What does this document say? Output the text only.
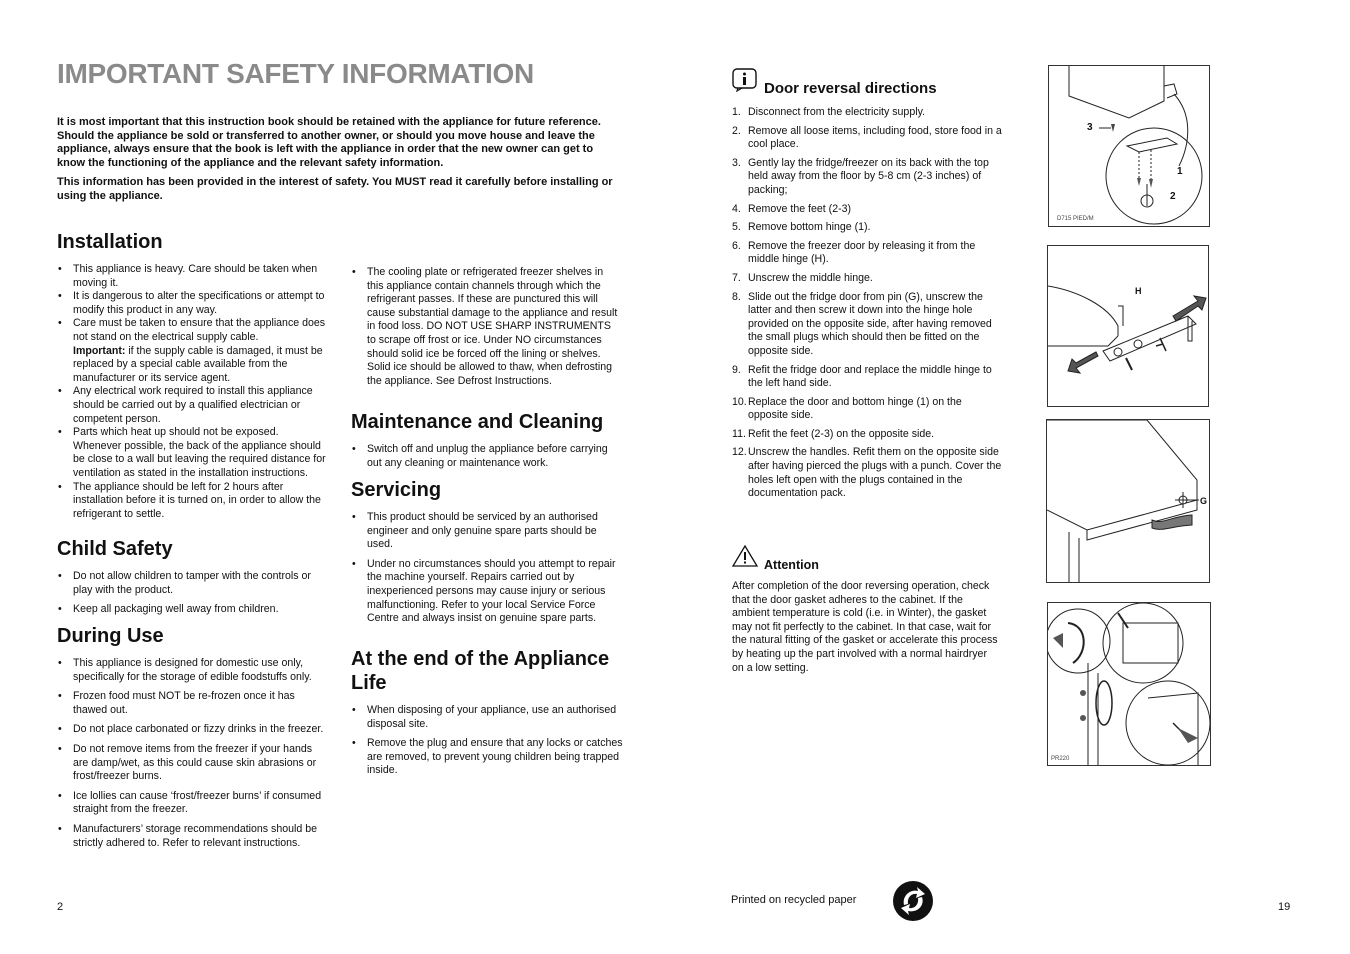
IMPORTANT SAFETY INFORMATION

It is most important that this instruction book should be retained with the appliance for future reference. Should the appliance be sold or transferred to another owner, or should you move house and leave the appliance, always ensure that the book is left with the appliance in order that the new owner can get to know the functioning of the appliance and the relevant safety information.

This information has been provided in the interest of safety. You MUST read it carefully before installing or using the appliance.

Installation
• This appliance is heavy. Care should be taken when moving it.
• It is dangerous to alter the specifications or attempt to modify this product in any way.
• Care must be taken to ensure that the appliance does not stand on the electrical supply cable.
Important: if the supply cable is damaged, it must be replaced by a special cable available from the manufacturer or its service agent.
• Any electrical work required to install this appliance should be carried out by a qualified electrician or competent person.
• Parts which heat up should not be exposed. Whenever possible, the back of the appliance should be close to a wall but leaving the required distance for ventilation as stated in the installation instructions.
• The appliance should be left for 2 hours after installation before it is turned on, in order to allow the refrigerant to settle.
Child Safety
• Do not allow children to tamper with the controls or play with the product.
• Keep all packaging well away from children.
During Use
• This appliance is designed for domestic use only, specifically for the storage of edible foodstuffs only.
• Frozen food must NOT be re-frozen once it has thawed out.
• Do not place carbonated or fizzy drinks in the freezer.
• Do not remove items from the freezer if your hands are damp/wet, as this could cause skin abrasions or frost/freezer burns.
• Ice lollies can cause ‘frost/freezer burns’ if consumed straight from the freezer.
• Manufacturers’ storage recommendations should be strictly adhered to. Refer to relevant instructions.
2
• The cooling plate or refrigerated freezer shelves in this appliance contain channels through which the refrigerant passes. If these are punctured this will cause substantial damage to the appliance and result in food loss. DO NOT USE SHARP INSTRUMENTS to scrape off frost or ice. Under NO circumstances should solid ice be forced off the lining or shelves. Solid ice should be allowed to thaw, when defrosting the appliance. See Defrost Instructions.
Maintenance and Cleaning
• Switch off and unplug the appliance before carrying out any cleaning or maintenance work.
Servicing
• This product should be serviced by an authorised engineer and only genuine spare parts should be used.
• Under no circumstances should you attempt to repair the machine yourself. Repairs carried out by inexperienced persons may cause injury or serious malfunctioning. Refer to your local Service Force Centre and always insist on genuine spare parts.
At the end of the Appliance Life
• When disposing of your appliance, use an authorised disposal site.
• Remove the plug and ensure that any locks or catches are removed, to prevent young children being trapped inside.
Door reversal directions
1. Disconnect from the electricity supply.
2. Remove all loose items, including food, store food in a cool place.
3. Gently lay the fridge/freezer on its back with the top held away from the floor by 5-8 cm (2-3 inches) of packing;
4. Remove the feet (2-3)
5. Remove bottom hinge (1).
6. Remove the freezer door by releasing it from the middle hinge (H).
7. Unscrew the middle hinge.
8. Slide out the fridge door from pin (G), unscrew the latter and then screw it down into the hinge hole provided on the opposite side, after having removed the small plugs which should then be fitted on the opposite side.
9. Refit the fridge door and replace the middle hinge to the left hand side.
10. Replace the door and bottom hinge (1) on the opposite side.
11. Refit the feet (2-3) on the opposite side.
12. Unscrew the handles. Refit them on the opposite side after having pierced the plugs with a punch. Cover the holes left open with the plugs contained in the documentation pack.
Attention
After completion of the door reversing operation, check that the door gasket adheres to the cabinet. If the ambient temperature is cold (i.e. in Winter), the gasket may not fit perfectly to the cabinet. In that case, wait for the natural fitting of the gasket or accelerate this process by heating up the part involved with a normal hairdryer on a low setting.
3
1
2
D715 PIED/M
H
G
PR220
Printed on recycled paper
19
